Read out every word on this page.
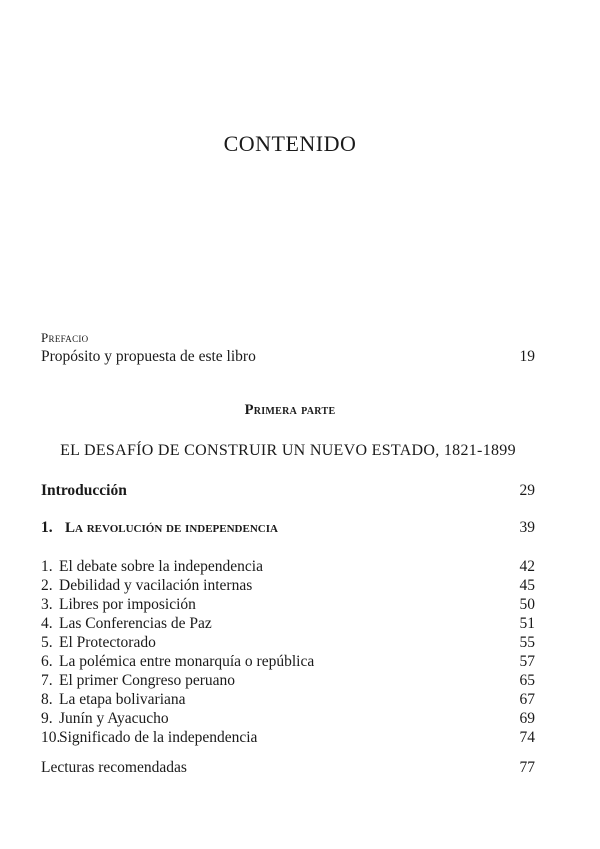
CONTENIDO
Prefacio
Propósito y propuesta de este libro	19
Primera parte
EL DESAFÍO DE CONSTRUIR UN NUEVO ESTADO, 1821-1899
Introducción	29
1. La revolución de independencia	39
1. El debate sobre la independencia	42
2. Debilidad y vacilación internas	45
3. Libres por imposición	50
4. Las Conferencias de Paz	51
5. El Protectorado	55
6. La polémica entre monarquía o república	57
7. El primer Congreso peruano	65
8. La etapa bolivariana	67
9. Junín y Ayacucho	69
10.Significado de la independencia	74
Lecturas recomendadas	77
